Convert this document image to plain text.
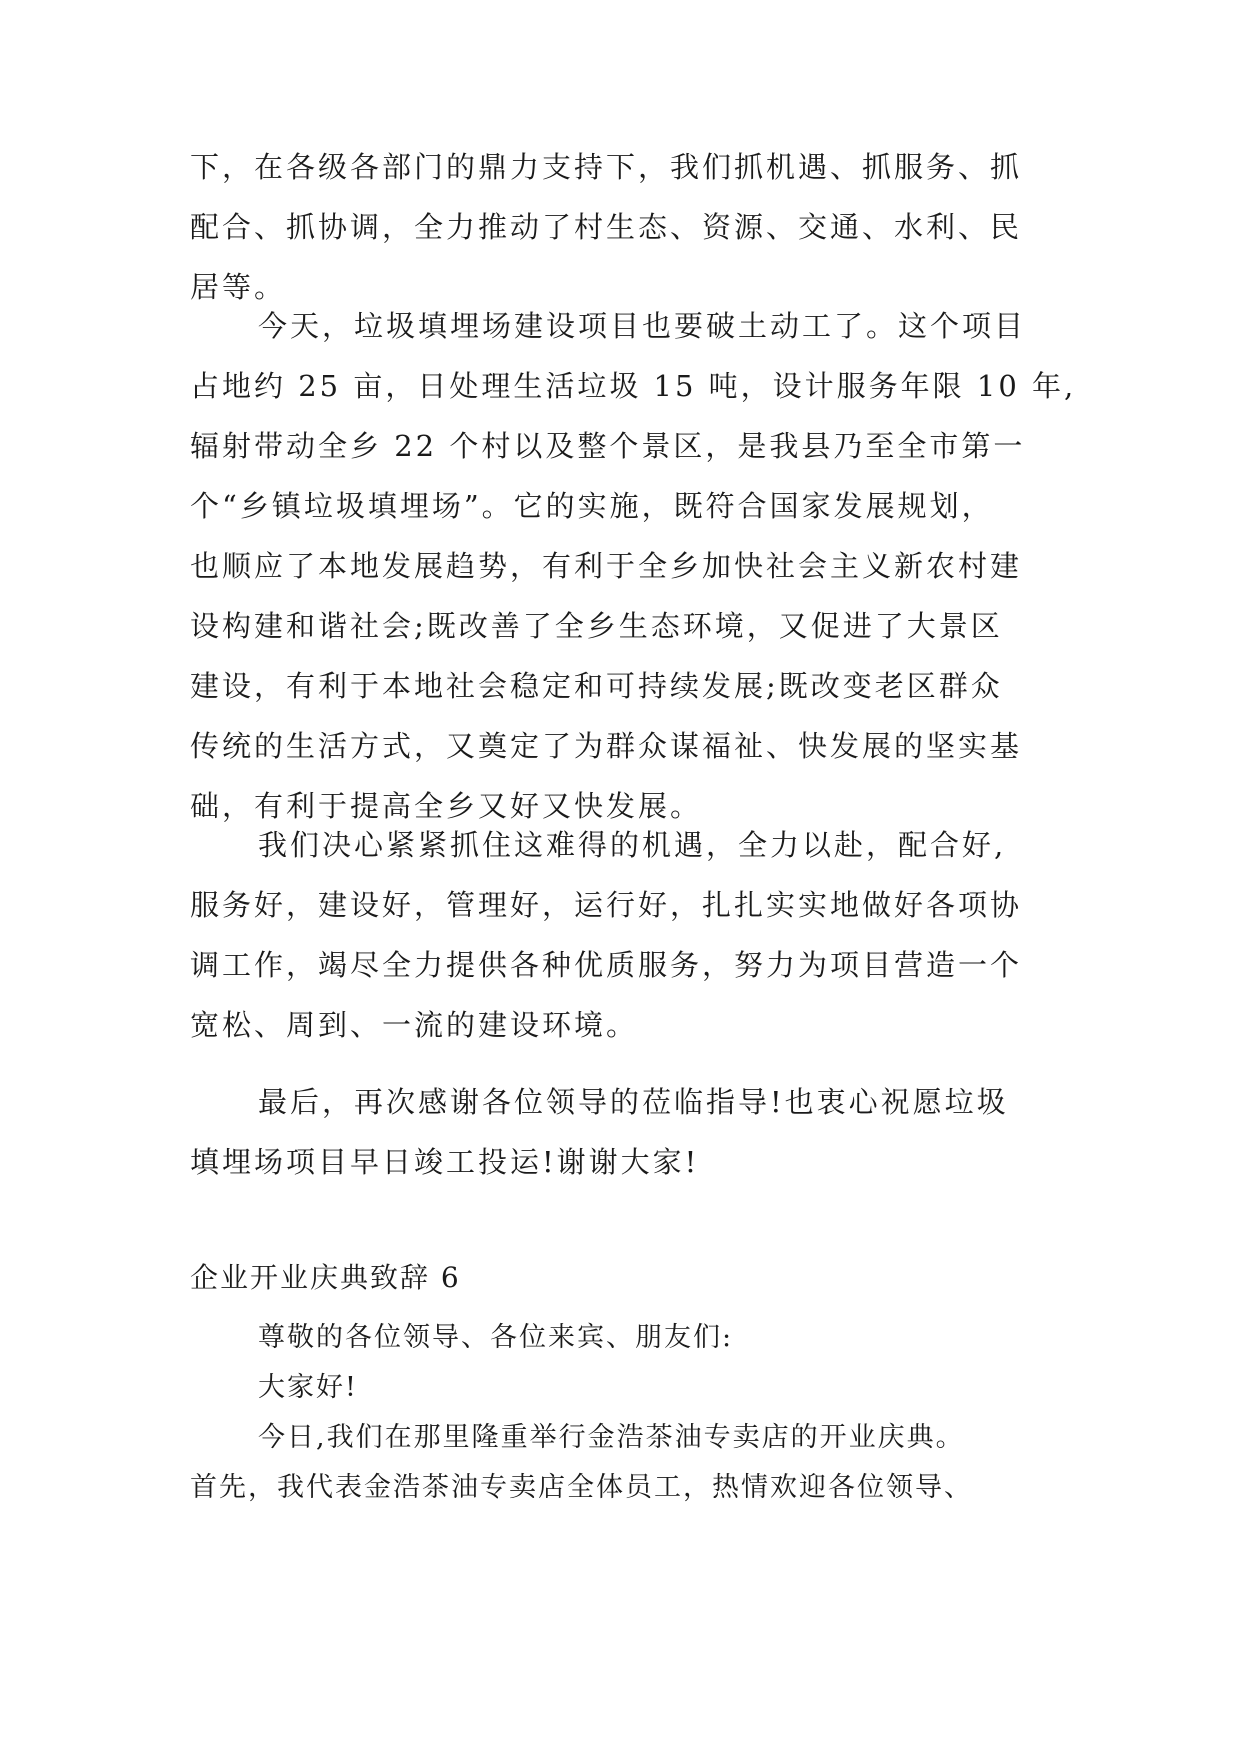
下，在各级各部门的鼎力支持下，我们抓机遇、抓服务、抓
配合、抓协调，全力推动了村生态、资源、交通、水利、民
居等。
今天，垃圾填埋场建设项目也要破土动工了。这个项目
占地约 25 亩，日处理生活垃圾 15 吨，设计服务年限 10 年,
辐射带动全乡 22 个村以及整个景区，是我县乃至全市第一
个“乡镇垃圾填埋场”。它的实施，既符合国家发展规划，
也顺应了本地发展趋势，有利于全乡加快社会主义新农村建
设构建和谐社会;既改善了全乡生态环境，又促进了大景区
建设，有利于本地社会稳定和可持续发展;既改变老区群众
传统的生活方式，又奠定了为群众谋福祉、快发展的坚实基
础，有利于提高全乡又好又快发展。
我们决心紧紧抓住这难得的机遇，全力以赴，配合好,
服务好，建设好，管理好，运行好，扎扎实实地做好各项协
调工作，竭尽全力提供各种优质服务，努力为项目营造一个
宽松、周到、一流的建设环境。
最后，再次感谢各位领导的莅临指导!也衷心祝愿垃圾
填埋场项目早日竣工投运!谢谢大家!
企业开业庆典致辞 6
尊敬的各位领导、各位来宾、朋友们:
大家好!
今日,我们在那里隆重举行金浩茶油专卖店的开业庆典。
首先，我代表金浩茶油专卖店全体员工，热情欢迎各位领导、
